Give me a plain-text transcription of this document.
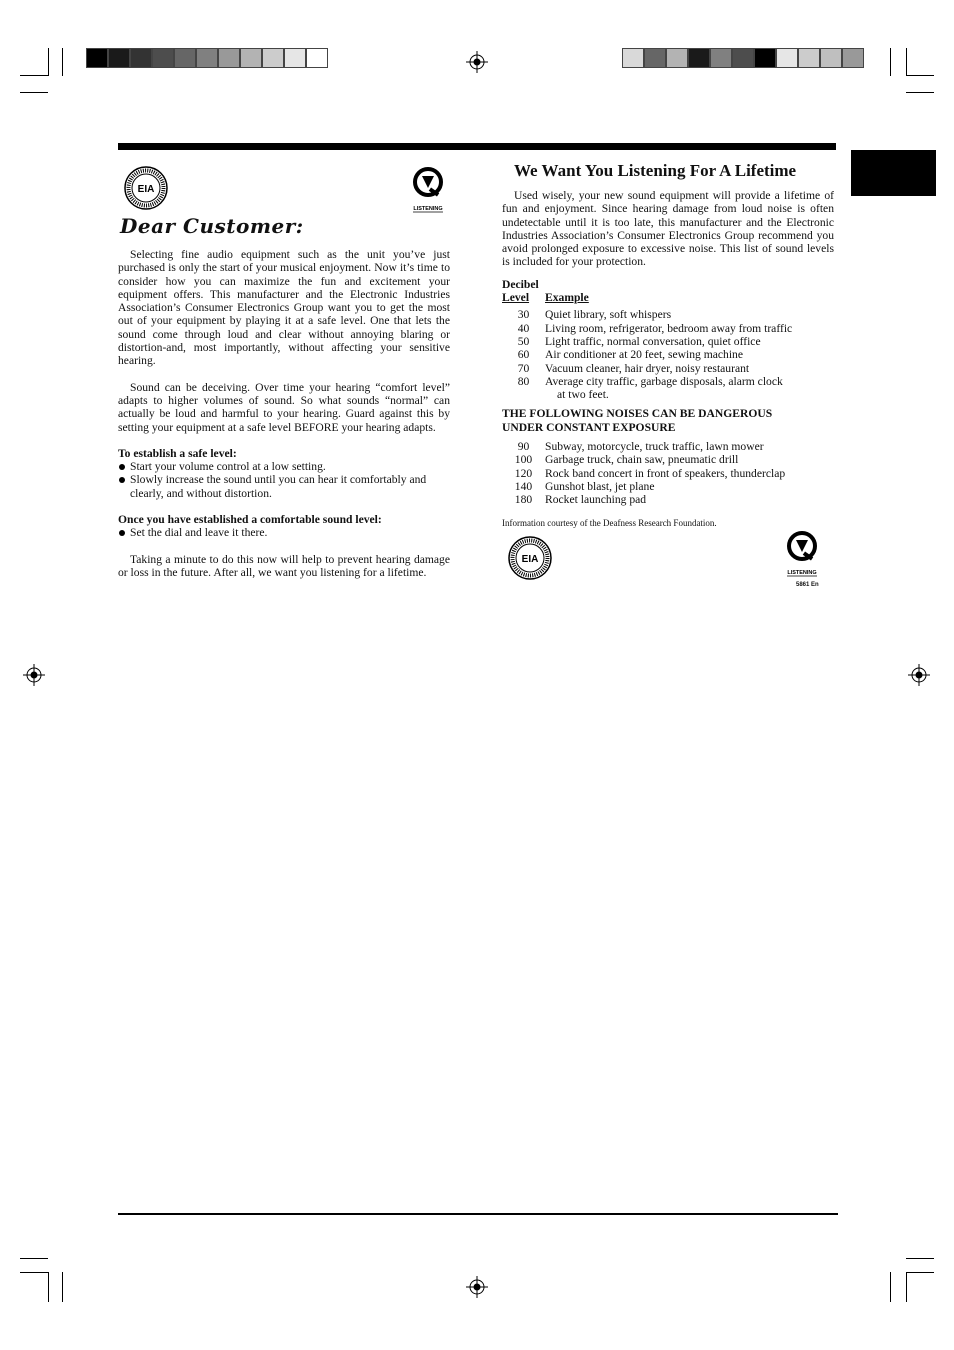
EIA
LISTENING
Dear Customer:

Selecting fine audio equipment such as the unit you’ve just purchased is only the start of your musical enjoyment. Now it’s time to consider how you can maximize the fun and excitement your equipment offers. This manufacturer and the Electronic Industries Association’s Consumer Electronics Group want you to get the most out of your equipment by playing it at a safe level. One that lets the sound come through loud and clear without annoying blaring or distortion-and, most importantly, without affecting your sensitive hearing.

Sound can be deceiving. Over time your hearing “comfort level” adapts to higher volumes of sound. So what sounds “normal” can actually be loud and harmful to your hearing. Guard against this by setting your equipment at a safe level BEFORE your hearing adapts.

To establish a safe level:

Start your volume control at a low setting.

Slowly increase the sound until you can hear it comfortably and clearly, and without distortion.

Once you have established a comfortable sound level:

Set the dial and leave it there.

Taking a minute to do this now will help to prevent hearing damage or loss in the future. After all, we want you listening for a lifetime.

We Want You Listening For A Lifetime

Used wisely, your new sound equipment will provide a lifetime of fun and enjoyment. Since hearing damage from loud noise is often undetectable until it is too late, this manufacturer and the Electronic Industries Association’s Consumer Electronics Group recommend you avoid prolonged exposure to excessive noise. This list of sound levels is included for your protection.

Decibel
Level	Example

30	Quiet library, soft whispers
40	Living room, refrigerator, bedroom away from traffic
50	Light traffic, normal conversation, quiet office
60	Air conditioner at 20 feet, sewing machine
70	Vacuum cleaner, hair dryer, noisy restaurant
80	Average city traffic, garbage disposals, alarm clock
	at two feet.
THE FOLLOWING NOISES CAN BE DANGEROUS
UNDER CONSTANT EXPOSURE
90	Subway, motorcycle, truck traffic, lawn mower
100	Garbage truck, chain saw, pneumatic drill
120	Rock band concert in front of speakers, thunderclap
140	Gunshot blast, jet plane
180	Rocket launching pad

Information courtesy of the Deafness Research Foundation.

EIA
LISTENING
5861 En
